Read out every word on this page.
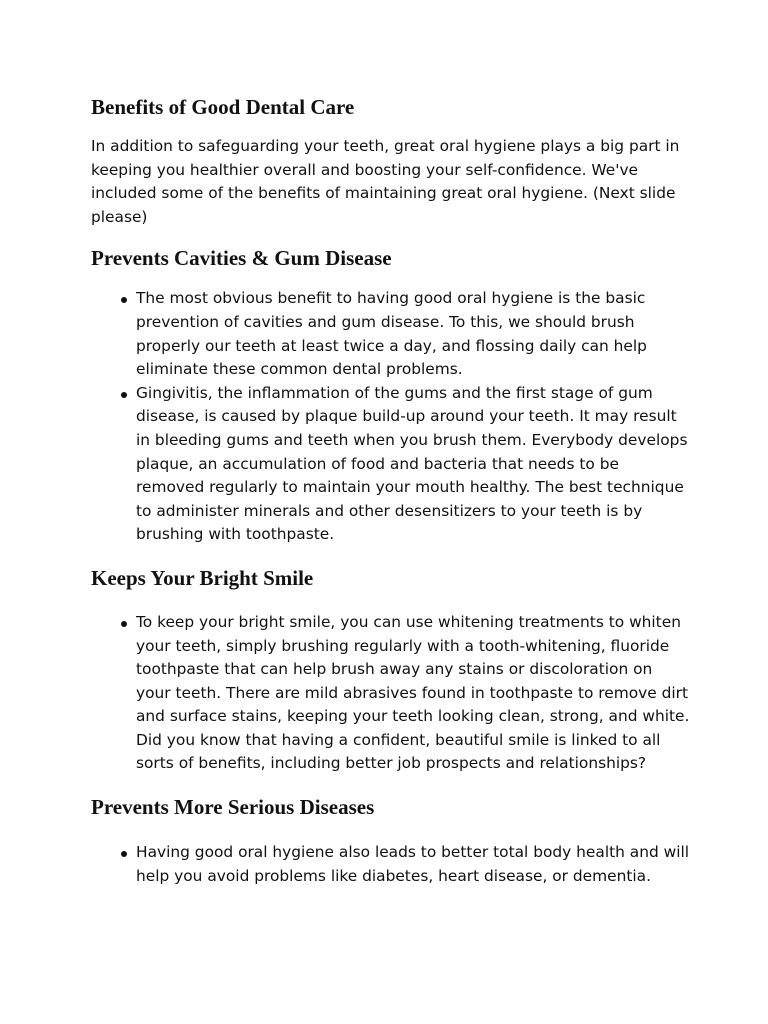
Benefits of Good Dental Care

In addition to safeguarding your teeth, great oral hygiene plays a big part in keeping you healthier overall and boosting your self-confidence. We've included some of the benefits of maintaining great oral hygiene. (Next slide please)

Prevents Cavities & Gum Disease
The most obvious benefit to having good oral hygiene is the basic prevention of cavities and gum disease. To this, we should brush properly our teeth at least twice a day, and flossing daily can help eliminate these common dental problems.
Gingivitis, the inflammation of the gums and the first stage of gum disease, is caused by plaque build-up around your teeth. It may result in bleeding gums and teeth when you brush them. Everybody develops plaque, an accumulation of food and bacteria that needs to be removed regularly to maintain your mouth healthy. The best technique to administer minerals and other desensitizers to your teeth is by brushing with toothpaste.
Keeps Your Bright Smile
To keep your bright smile, you can use whitening treatments to whiten your teeth, simply brushing regularly with a tooth-whitening, fluoride toothpaste that can help brush away any stains or discoloration on your teeth. There are mild abrasives found in toothpaste to remove dirt and surface stains, keeping your teeth looking clean, strong, and white. Did you know that having a confident, beautiful smile is linked to all sorts of benefits, including better job prospects and relationships?
Prevents More Serious Diseases
Having good oral hygiene also leads to better total body health and will help you avoid problems like diabetes, heart disease, or dementia.
